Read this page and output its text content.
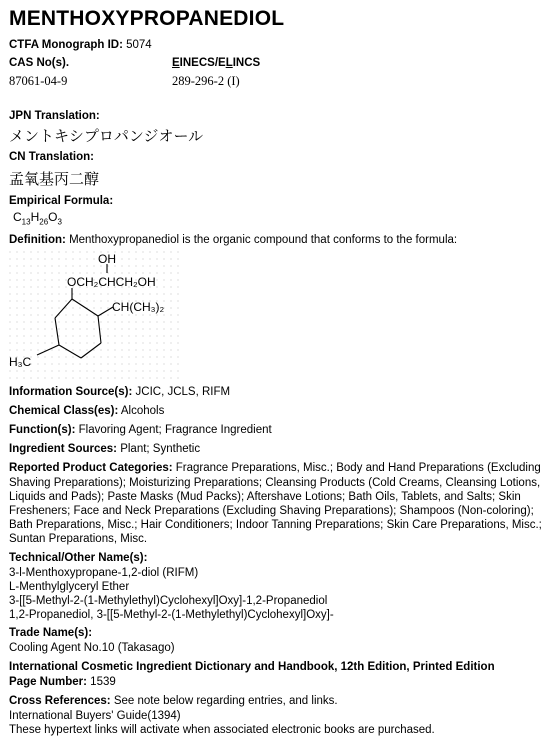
MENTHOXYPROPANEDIOL
CTFA Monograph ID: 5074
CAS No(s).	EINECS/ELINCS
87061-04-9	289-296-2 (I)
JPN Translation:
メントキシプロパンジオール
CN Translation:
孟氧基丙二醇
Empirical Formula:
$C_{13}H_{26}O_3$
Definition: Menthoxypropanediol is the organic compound that conforms to the formula:
OH
OCH₂CHCH₂OH
CH(CH₃)₂
H₃C
Information Source(s): JCIC, JCLS, RIFM
Chemical Class(es): Alcohols
Function(s): Flavoring Agent; Fragrance Ingredient
Ingredient Sources: Plant; Synthetic
Reported Product Categories: Fragrance Preparations, Misc.; Body and Hand Preparations (Excluding Shaving Preparations); Moisturizing Preparations; Cleansing Products (Cold Creams, Cleansing Lotions, Liquids and Pads); Paste Masks (Mud Packs); Aftershave Lotions; Bath Oils, Tablets, and Salts; Skin Fresheners; Face and Neck Preparations (Excluding Shaving Preparations); Shampoos (Non-coloring); Bath Preparations, Misc.; Hair Conditioners; Indoor Tanning Preparations; Skin Care Preparations, Misc.; Suntan Preparations, Misc.
Technical/Other Name(s):
3-l-Menthoxypropane-1,2-diol (RIFM)
L-Menthylglyceryl Ether
3-[[5-Methyl-2-(1-Methylethyl)Cyclohexyl]Oxy]-1,2-Propanediol
1,2-Propanediol, 3-[[5-Methyl-2-(1-Methylethyl)Cyclohexyl]Oxy]-
Trade Name(s):
Cooling Agent No.10 (Takasago)
International Cosmetic Ingredient Dictionary and Handbook, 12th Edition, Printed Edition
Page Number: 1539
Cross References: See note below regarding entries, and links.
International Buyers' Guide(1394)
These hypertext links will activate when associated electronic books are purchased.
